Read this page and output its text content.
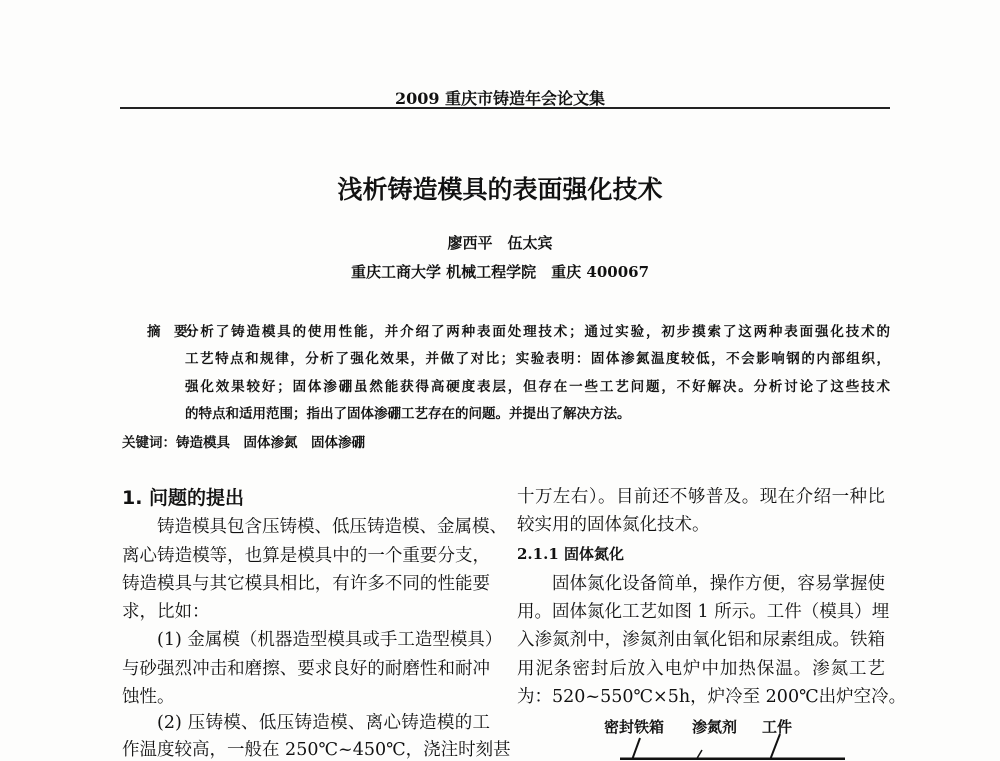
2009 重庆市铸造年会论文集
浅析铸造模具的表面强化技术
廖西平　伍太宾
重庆工商大学 机械工程学院　重庆 400067
摘　要:
分析了铸造模具的使用性能，并介绍了两种表面处理技术；通过实验，初步摸索了这两种表面强化技术的
工艺特点和规律，分析了强化效果，并做了对比；实验表明：固体渗氮温度较低，不会影响钢的内部组织，
强化效果较好；固体渗硼虽然能获得高硬度表层，但存在一些工艺问题，不好解决。分析讨论了这些技术
的特点和适用范围；指出了固体渗硼工艺存在的问题。并提出了解决方法。
关键词：铸造模具　固体渗氮　固体渗硼
1. 问题的提出
铸造模具包含压铸模、低压铸造模、金属模、
离心铸造模等，也算是模具中的一个重要分支，
铸造模具与其它模具相比，有许多不同的性能要
求，比如：
(1) 金属模（机器造型模具或手工造型模具）
与砂强烈冲击和磨擦、要求良好的耐磨性和耐冲
蚀性。
(2) 压铸模、低压铸造模、离心铸造模的工
作温度较高，一般在 250℃~450℃，浇注时刻甚
十万左右）。目前还不够普及。现在介绍一种比
较实用的固体氮化技术。
2.1.1 固体氮化
固体氮化设备简单，操作方便，容易掌握使
用。固体氮化工艺如图 1 所示。工件（模具）埋
入渗氮剂中，渗氮剂由氧化铝和尿素组成。铁箱
用泥条密封后放入电炉中加热保温。渗氮工艺
为：520~550℃×5h，炉冷至 200℃出炉空冷。
密封铁箱 渗氮剂 工件
